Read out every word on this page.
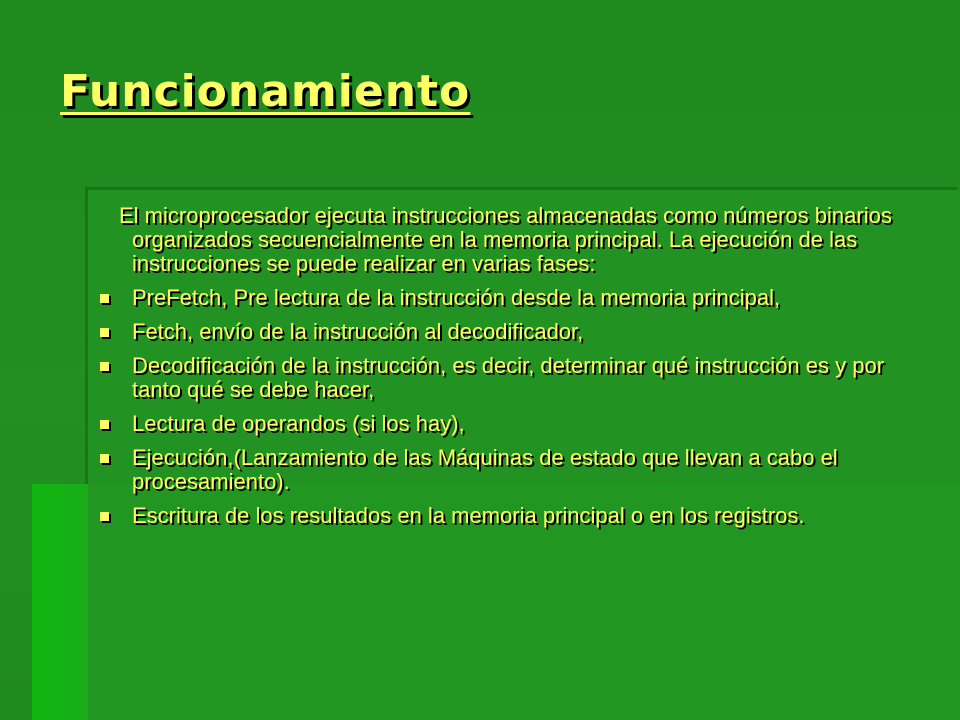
Funcionamiento

El microprocesador ejecuta instrucciones almacenadas como números binarios organizados secuencialmente en la memoria principal. La ejecución de las instrucciones se puede realizar en varias fases:

PreFetch, Pre lectura de la instrucción desde la memoria principal,
Fetch, envío de la instrucción al decodificador,
Decodificación de la instrucción, es decir, determinar qué instrucción es y por tanto qué se debe hacer,
Lectura de operandos (si los hay),
Ejecución,(Lanzamiento de las Máquinas de estado que llevan a cabo el procesamiento).
Escritura de los resultados en la memoria principal o en los registros.
